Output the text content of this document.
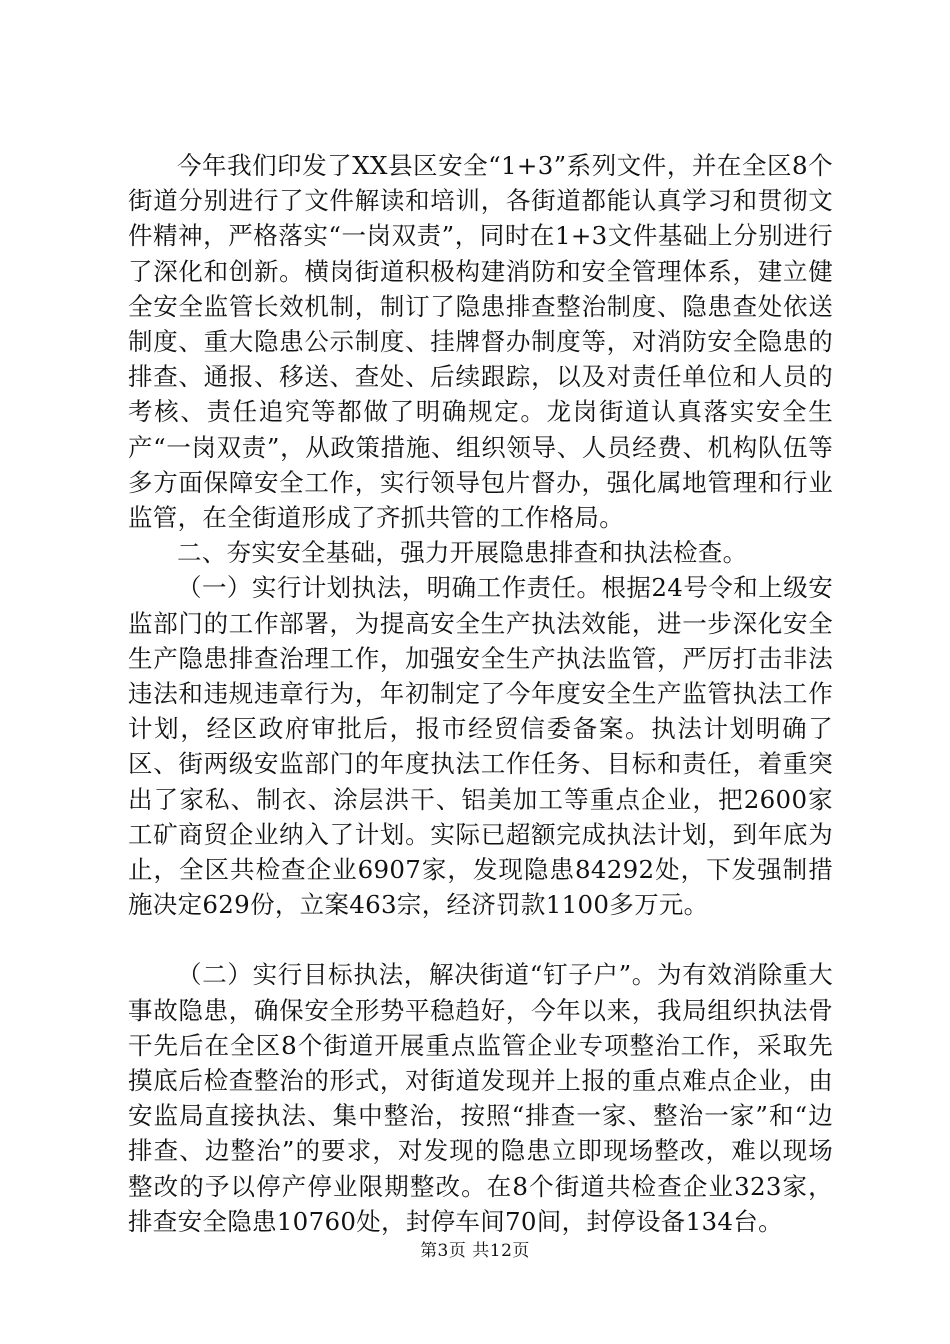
今年我们印发了XX县区安全“1+3”系列文件，并在全区8个街道分别进行了文件解读和培训，各街道都能认真学习和贯彻文件精神，严格落实“一岗双责”，同时在1+3文件基础上分别进行了深化和创新。横岗街道积极构建消防和安全管理体系，建立健全安全监管长效机制，制订了隐患排查整治制度、隐患查处依送制度、重大隐患公示制度、挂牌督办制度等，对消防安全隐患的排查、通报、移送、查处、后续跟踪，以及对责任单位和人员的考核、责任追究等都做了明确规定。龙岗街道认真落实安全生产“一岗双责”，从政策措施、组织领导、人员经费、机构队伍等多方面保障安全工作，实行领导包片督办，强化属地管理和行业监管，在全街道形成了齐抓共管的工作格局。

二、夯实安全基础，强力开展隐患排查和执法检查。

（一）实行计划执法，明确工作责任。根据24号令和上级安监部门的工作部署，为提高安全生产执法效能，进一步深化安全生产隐患排查治理工作，加强安全生产执法监管，严厉打击非法违法和违规违章行为，年初制定了今年度安全生产监管执法工作计划，经区政府审批后，报市经贸信委备案。执法计划明确了区、街两级安监部门的年度执法工作任务、目标和责任，着重突出了家私、制衣、涂层洪干、铝美加工等重点企业，把2600家工矿商贸企业纳入了计划。实际已超额完成执法计划，到年底为止，全区共检查企业6907家，发现隐患84292处，下发强制措施决定629份，立案463宗，经济罚款1100多万元。

（二）实行目标执法，解决街道“钉子户”。为有效消除重大事故隐患，确保安全形势平稳趋好，今年以来，我局组织执法骨干先后在全区8个街道开展重点监管企业专项整治工作，采取先摸底后检查整治的形式，对街道发现并上报的重点难点企业，由安监局直接执法、集中整治，按照“排查一家、整治一家”和“边排查、边整治”的要求，对发现的隐患立即现场整改，难以现场整改的予以停产停业限期整改。在8个街道共检查企业323家，排查安全隐患10760处，封停车间70间，封停设备134台。

第3页 共12页
